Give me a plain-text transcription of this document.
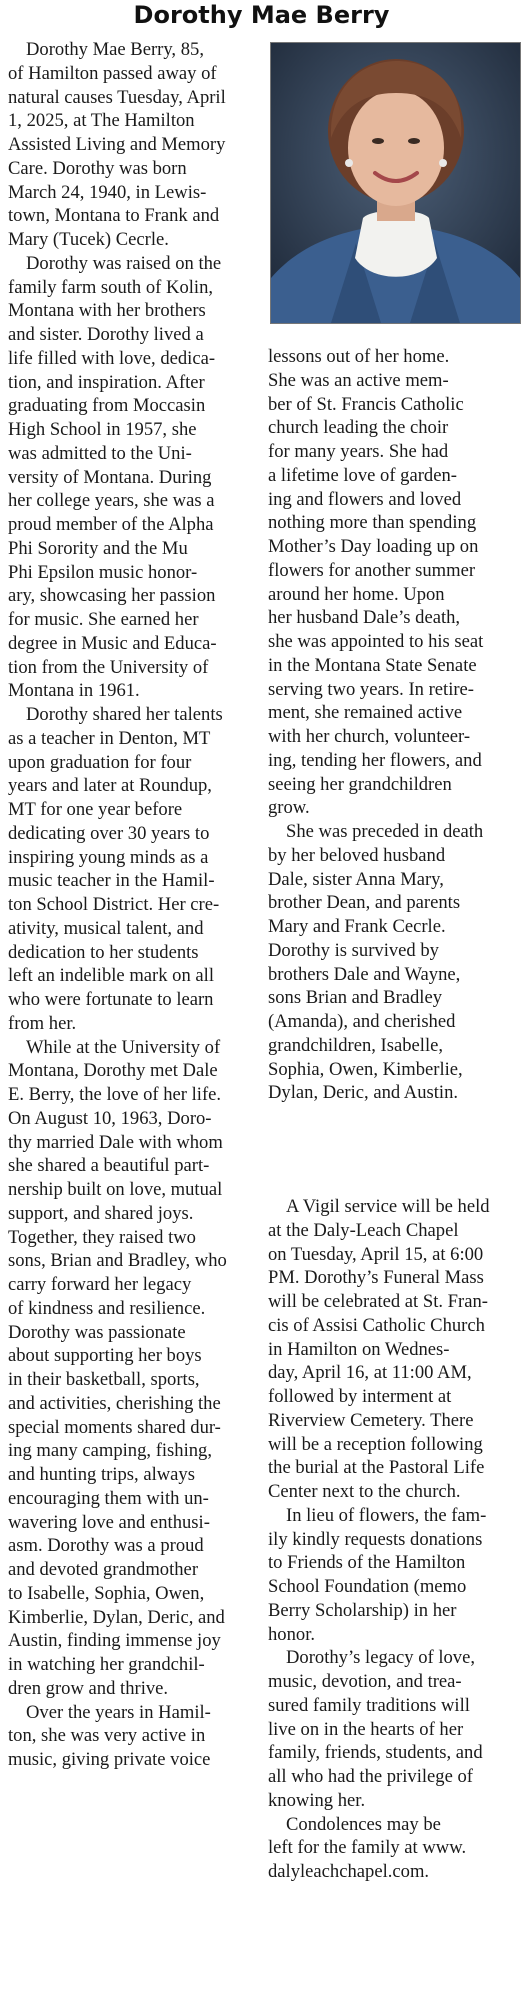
Dorothy Mae Berry
Dorothy Mae Berry, 85,
of Hamilton passed away of
natural causes Tuesday, April
1, 2025, at The Hamilton
Assisted Living and Memory
Care. Dorothy was born
March 24, 1940, in Lewis-
town, Montana to Frank and
Mary (Tucek) Cecrle.
Dorothy was raised on the
family farm south of Kolin,
Montana with her brothers
and sister. Dorothy lived a
life filled with love, dedica-
tion, and inspiration. After
graduating from Moccasin
High School in 1957, she
was admitted to the Uni-
versity of Montana. During
her college years, she was a
proud member of the Alpha
Phi Sorority and the Mu
Phi Epsilon music honor-
ary, showcasing her passion
for music. She earned her
degree in Music and Educa-
tion from the University of
Montana in 1961.
Dorothy shared her talents
as a teacher in Denton, MT
upon graduation for four
years and later at Roundup,
MT for one year before
dedicating over 30 years to
inspiring young minds as a
music teacher in the Hamil-
ton School District. Her cre-
ativity, musical talent, and
dedication to her students
left an indelible mark on all
who were fortunate to learn
from her.
While at the University of
Montana, Dorothy met Dale
E. Berry, the love of her life.
On August 10, 1963, Doro-
thy married Dale with whom
she shared a beautiful part-
nership built on love, mutual
support, and shared joys.
Together, they raised two
sons, Brian and Bradley, who
carry forward her legacy
of kindness and resilience.
Dorothy was passionate
about supporting her boys
in their basketball, sports,
and activities, cherishing the
special moments shared dur-
ing many camping, fishing,
and hunting trips, always
encouraging them with un-
wavering love and enthusi-
asm. Dorothy was a proud
and devoted grandmother
to Isabelle, Sophia, Owen,
Kimberlie, Dylan, Deric, and
Austin, finding immense joy
in watching her grandchil-
dren grow and thrive.
Over the years in Hamil-
ton, she was very active in
music, giving private voice
lessons out of her home.
She was an active mem-
ber of St. Francis Catholic
church leading the choir
for many years. She had
a lifetime love of garden-
ing and flowers and loved
nothing more than spending
Mother’s Day loading up on
flowers for another summer
around her home. Upon
her husband Dale’s death,
she was appointed to his seat
in the Montana State Senate
serving two years. In retire-
ment, she remained active
with her church, volunteer-
ing, tending her flowers, and
seeing her grandchildren
grow.
She was preceded in death
by her beloved husband
Dale, sister Anna Mary,
brother Dean, and parents
Mary and Frank Cecrle.
Dorothy is survived by
brothers Dale and Wayne,
sons Brian and Bradley
(Amanda), and cherished
grandchildren, Isabelle,
Sophia, Owen, Kimberlie,
Dylan, Deric, and Austin.
A Vigil service will be held
at the Daly-Leach Chapel
on Tuesday, April 15, at 6:00
PM. Dorothy’s Funeral Mass
will be celebrated at St. Fran-
cis of Assisi Catholic Church
in Hamilton on Wednes-
day, April 16, at 11:00 AM,
followed by interment at
Riverview Cemetery. There
will be a reception following
the burial at the Pastoral Life
Center next to the church.
In lieu of flowers, the fam-
ily kindly requests donations
to Friends of the Hamilton
School Foundation (memo
Berry Scholarship) in her
honor.
Dorothy’s legacy of love,
music, devotion, and trea-
sured family traditions will
live on in the hearts of her
family, friends, students, and
all who had the privilege of
knowing her.
Condolences may be
left for the family at www.
dalyleachchapel.com.
